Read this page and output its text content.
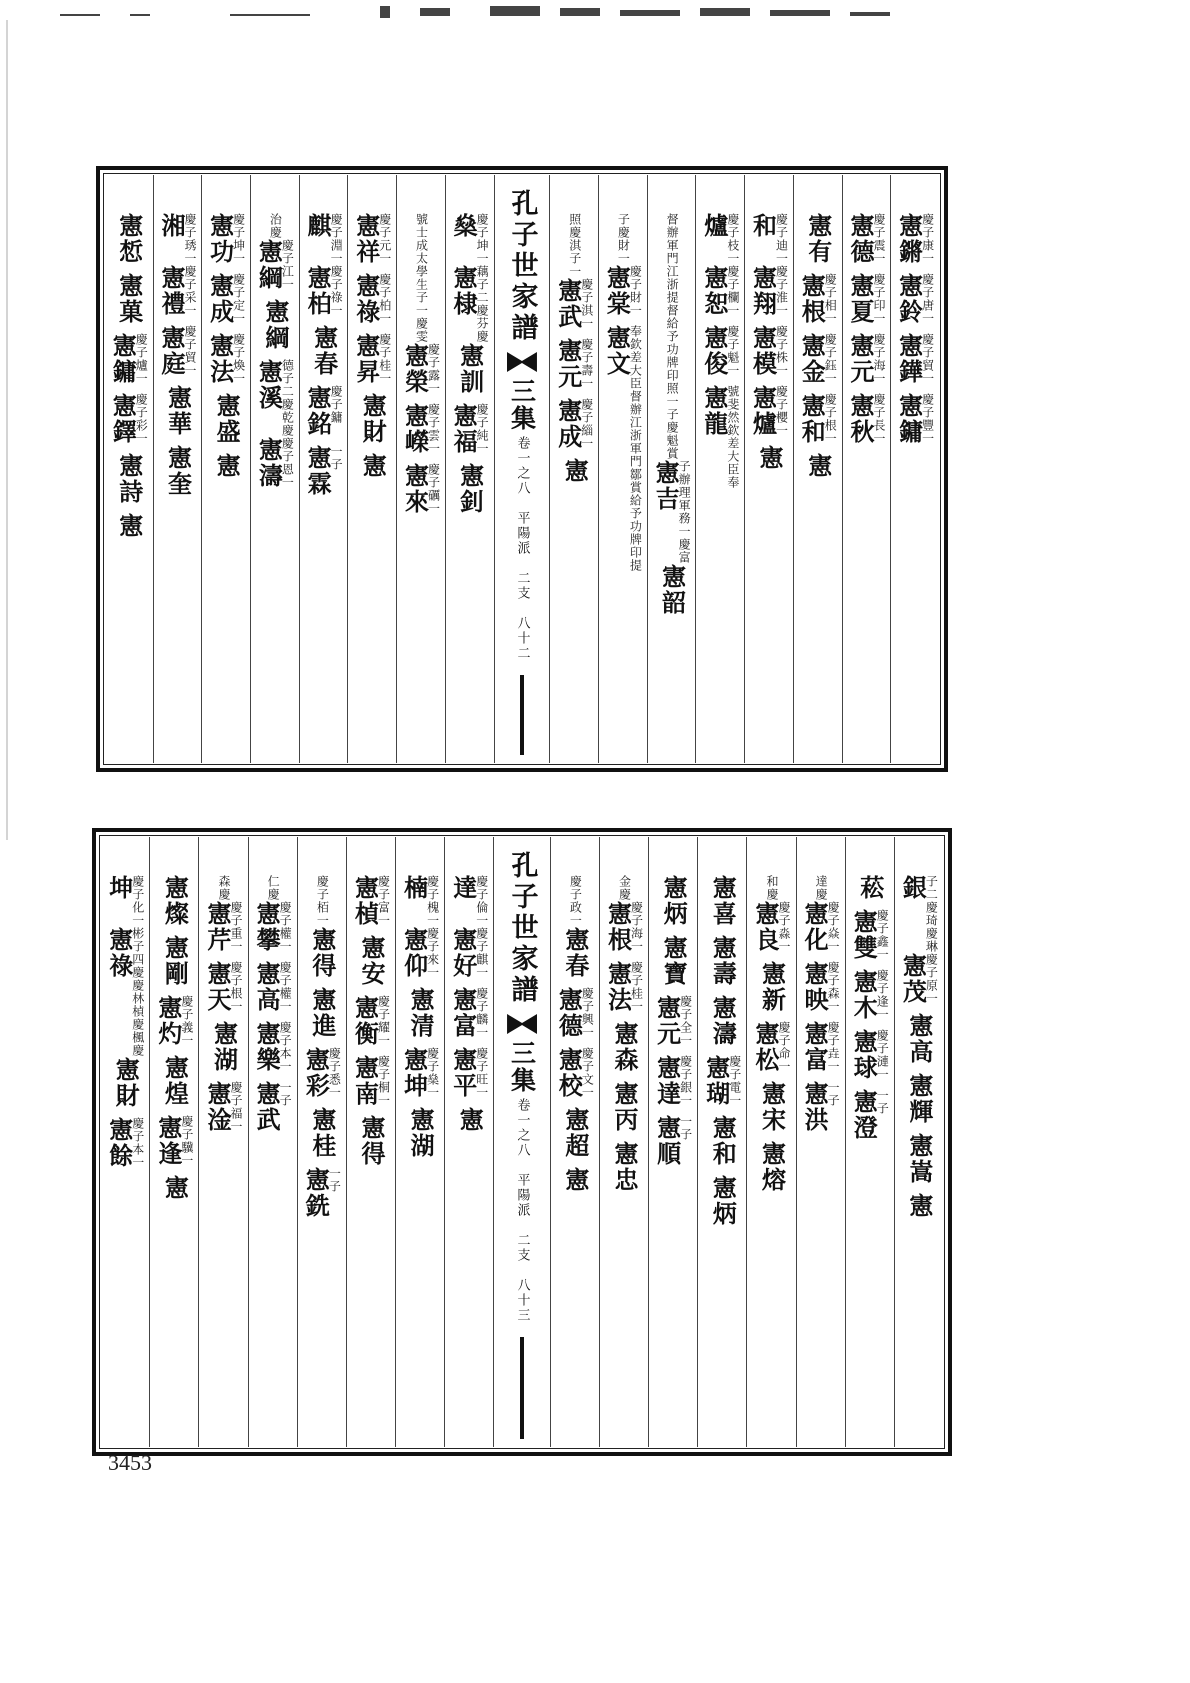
憲鏘
慶子康一
憲鈴
慶子唐一
憲鏵
慶子貿一
憲鏞
慶子豐一
憲德
慶子震一
憲夏
慶子印一
憲元
慶子海一
憲秋
慶子長一
憲有
憲根
慶子相一
憲金
慶子鈺一
憲和
慶子根一
憲
和
慶子迪一
憲翔
慶子淮一
憲模
慶子株一
憲爐
慶子櫻一
憲
爐
慶子枝一
憲恕
慶子欄一
憲俊
慶子魁一
憲龍
號斐然欽差大臣奉
督辦軍門江浙提督給予功牌印照一子慶魁賞
憲吉
子辦理軍務一慶富
憲韶
子慶財一
憲棠
慶子財一
憲文
奉欽差大臣督辦江浙軍門鄒賞給予功牌印提
照慶淇子一
憲武
慶子淇一
憲元
慶子壽一
憲成
慶子緇一
憲
孔子世家譜
三集
卷一之八　平陽派　二支　八十二
燊
慶子坤一
憲棣
藕子二慶芬慶
憲訓
憲福
慶子純一
憲釗
號士成太學生子一慶雯
憲榮
慶子露一
憲嶸
慶子雲一
憲來
慶子礪一
憲祥
慶子元一
憲祿
慶子柏一
憲昇
慶子桂一
憲財
憲
麒
慶子淵一
憲柏
慶子祿一
憲春
憲銘
慶子鏞
憲霖
一子
治慶
憲綱
慶子江一
憲綱
憲溪
德子二慶乾慶
憲濤
慶子恩一
憲功
慶子坤一
憲成
慶子定一
憲法
慶子煥一
憲盛
憲
湘
慶子琇一
憲禮
慶子采一
憲庭
慶子貿一
憲華
憲奎
憲惁
憲菓
憲鏞
慶子爐一
憲鐸
慶子彩一
憲詩
憲
銀
子二慶琦慶琳
憲茂
慶子原一
憲高
憲輝
憲嵩
憲
菘
憲雙
慶子鑫一
憲木
慶子逢一
憲球
慶子漣一
憲澄
一子
達慶
憲化
慶子焱一
憲映
慶子森一
憲富
慶子垚一
憲洪
一子
和慶
憲良
慶子淼一
憲新
憲松
慶子命一
憲宋
憲熔
憲喜
憲壽
憲濤
憲瑚
慶子電一
憲和
憲炳
憲炳
憲寶
憲元
慶子全一
憲達
慶子銀一
憲順
一子
金慶
憲根
慶子海一
憲法
慶子桂一
憲森
憲丙
憲忠
慶子政一
憲春
憲德
慶子興一
憲校
慶子文一
憲超
憲
孔子世家譜
三集
卷一之八　平陽派　二支　八十三
達
慶子倫一
憲好
慶子麒一
憲富
慶子麟一
憲平
慶子旺一
憲
楠
慶子槐一
憲仰
慶子來一
憲清
憲坤
慶子燊一
憲湖
憲楨
慶子富一
憲安
憲衡
慶子耀一
憲南
慶子桐一
憲得
慶子栢一
憲得
憲進
憲彩
慶子悉一
憲桂
憲銑
一子
仁慶
憲攀
慶子權一
憲高
慶子權一
憲樂
慶子本一
憲武
一子
森慶
憲芹
慶子重一
憲天
慶子根一
憲湖
憲淦
慶子福一
憲燦
憲剛
憲灼
慶子義一
憲煌
憲逢
慶子驥一
憲
坤
慶子化一
憲祿
彬子四慶慶林楨慶楓慶
憲財
憲餘
慶子本一
3453
